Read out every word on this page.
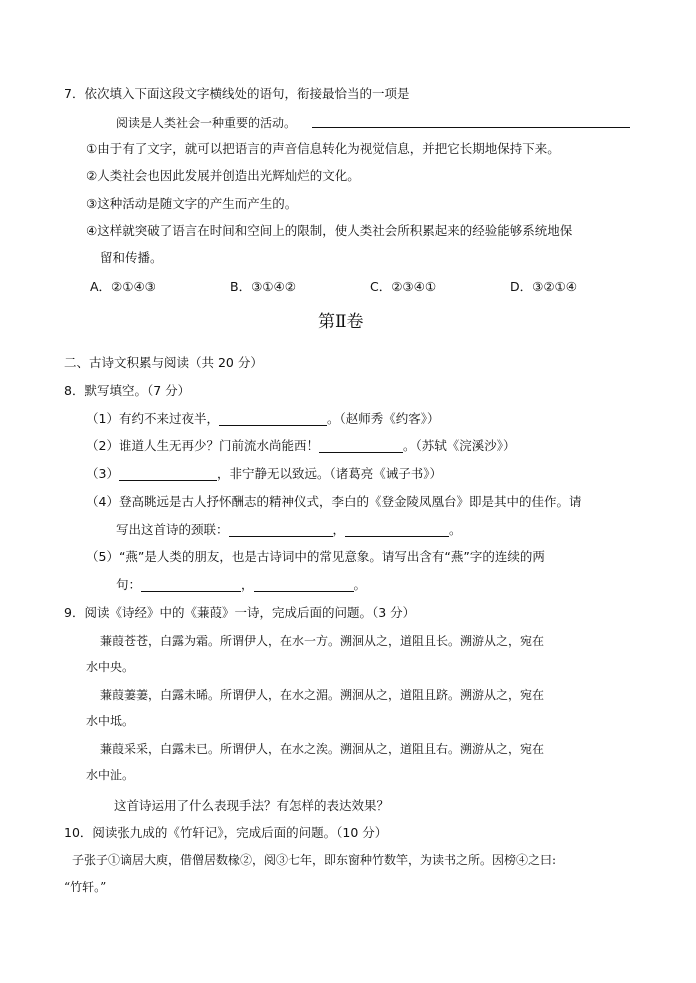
7．依次填入下面这段文字横线处的语句，衔接最恰当的一项是
阅读是人类社会一种重要的活动。
①由于有了文字，就可以把语言的声音信息转化为视觉信息，并把它长期地保持下来。
②人类社会也因此发展并创造出光辉灿烂的文化。
③这种活动是随文字的产生而产生的。
④这样就突破了语言在时间和空间上的限制，使人类社会所积累起来的经验能够系统地保
留和传播。
A．②①④③	B．③①④②	C．②③④①	D．③②①④
第Ⅱ卷
二、古诗文积累与阅读（共 20 分）
8．默写填空。（7 分）
（1）有约不来过夜半，	。（赵师秀《约客》）
（2）谁道人生无再少？门前流水尚能西！	。（苏轼《浣溪沙》）
（3）	，非宁静无以致远。（诸葛亮《诫子书》）
（4）登高眺远是古人抒怀酬志的精神仪式，李白的《登金陵凤凰台》即是其中的佳作。请
写出这首诗的颈联：	，	。
（5）“燕”是人类的朋友，也是古诗词中的常见意象。请写出含有“燕”字的连续的两
句：	，	。
9．阅读《诗经》中的《蒹葭》一诗，完成后面的问题。（3 分）
蒹葭苍苍，白露为霜。所谓伊人，在水一方。溯洄从之，道阻且长。溯游从之，宛在
水中央。
蒹葭萋萋，白露未晞。所谓伊人，在水之湄。溯洄从之，道阻且跻。溯游从之，宛在
水中坻。
蒹葭采采，白露未已。所谓伊人，在水之涘。溯洄从之，道阻且右。溯游从之，宛在
水中沚。
这首诗运用了什么表现手法？有怎样的表达效果？
10．阅读张九成的《竹轩记》，完成后面的问题。（10 分）
子张子①谪居大庾，借僧居数椽②，阅③七年，即东窗种竹数竿，为读书之所。因榜④之曰:
“竹轩。”
